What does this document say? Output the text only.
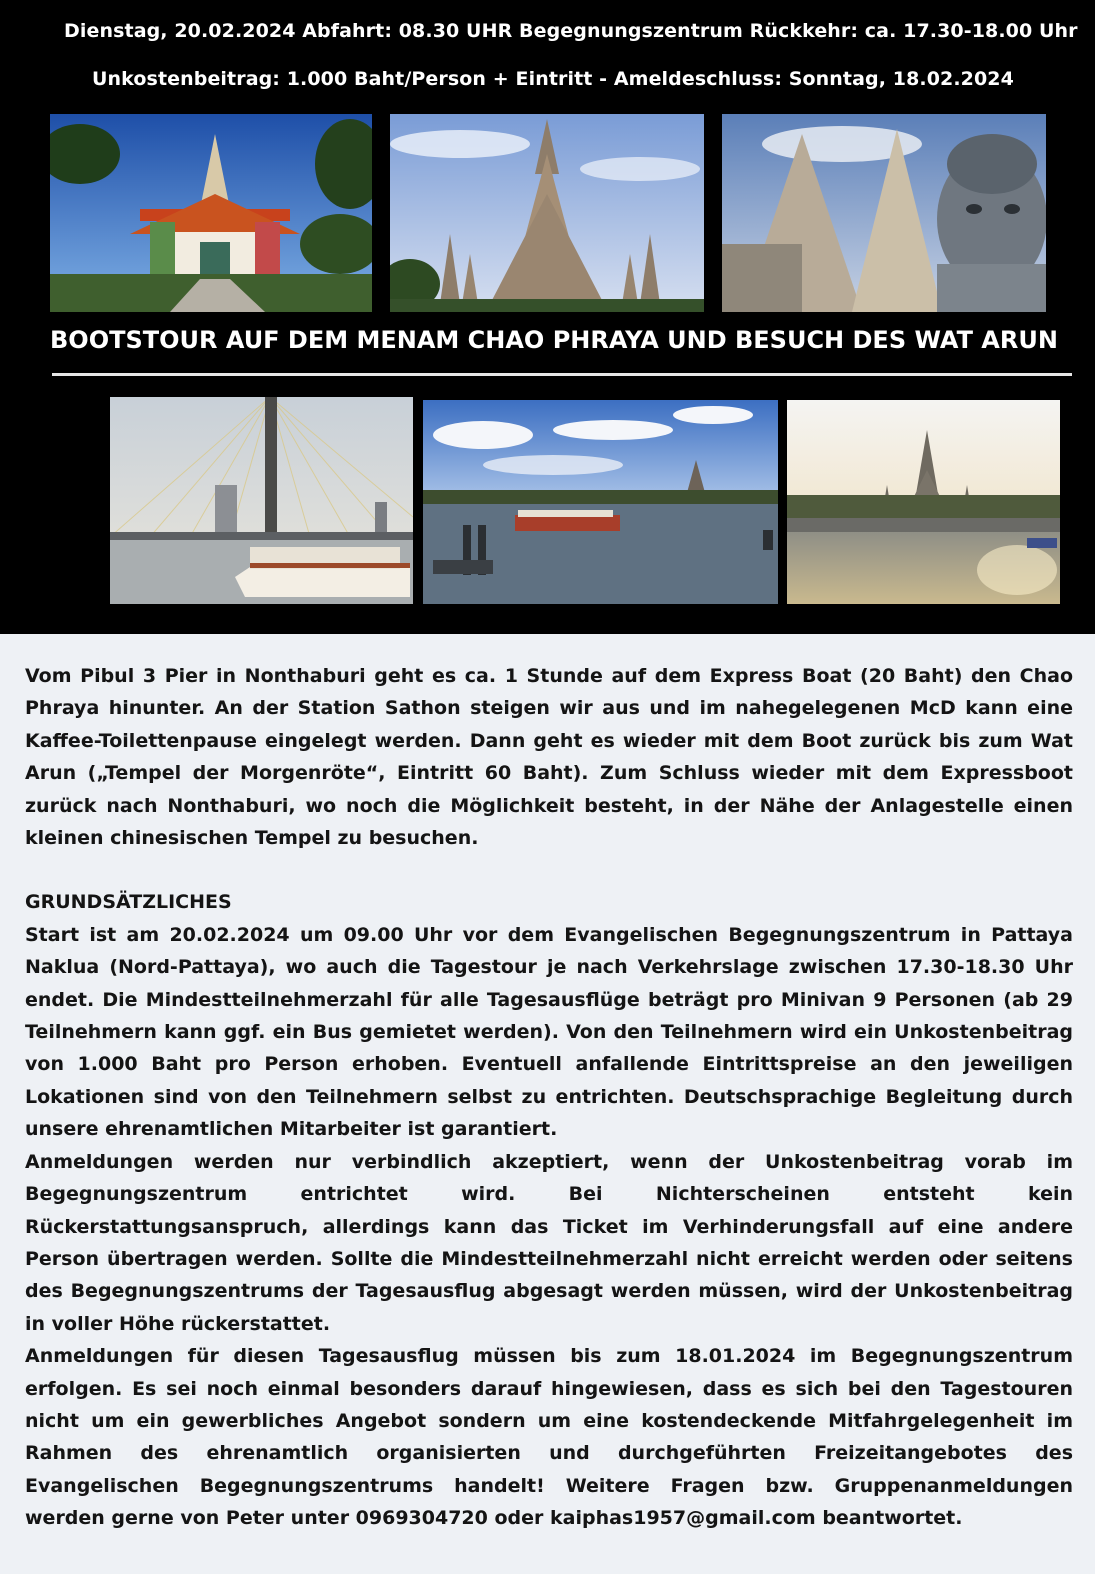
Dienstag, 20.02.2024 Abfahrt: 08.30 UHR Begegnungszentrum Rückkehr: ca. 17.30-18.00 Uhr
Unkostenbeitrag: 1.000 Baht/Person + Eintritt - Ameldeschluss: Sonntag, 18.02.2024
BOOTSTOUR AUF DEM MENAM CHAO PHRAYA UND BESUCH DES WAT ARUN

Vom Pibul 3 Pier in Nonthaburi geht es ca. 1 Stunde auf dem Express Boat (20 Baht) den Chao Phraya hinunter. An der Station Sathon steigen wir aus und im nahegelegenen McD kann eine Kaffee-Toilettenpause eingelegt werden. Dann geht es wieder mit dem Boot zurück bis zum Wat Arun („Tempel der Morgenröte“, Eintritt 60 Baht). Zum Schluss wieder mit dem Expressboot zurück nach Nonthaburi, wo noch die Möglichkeit besteht, in der Nähe der Anlagestelle einen kleinen chinesischen Tempel zu besuchen.

GRUNDSÄTZLICHES

Start ist am 20.02.2024 um 09.00 Uhr vor dem Evangelischen Begegnungszentrum in Pattaya Naklua (Nord-Pattaya), wo auch die Tagestour je nach Verkehrslage zwischen 17.30-18.30 Uhr endet. Die Mindestteilnehmerzahl für alle Tagesausflüge beträgt pro Minivan 9 Personen (ab 29 Teilnehmern kann ggf. ein Bus gemietet werden). Von den Teilnehmern wird ein Unkostenbeitrag von 1.000 Baht pro Person erhoben. Eventuell anfallende Eintrittspreise an den jeweiligen Lokationen sind von den Teilnehmern selbst zu entrichten. Deutschsprachige Begleitung durch unsere ehrenamtlichen Mitarbeiter ist garantiert.

Anmeldungen werden nur verbindlich akzeptiert, wenn der Unkostenbeitrag vorab im Begegnungszentrum entrichtet wird. Bei Nichterscheinen entsteht kein Rückerstattungsanspruch, allerdings kann das Ticket im Verhinderungsfall auf eine andere Person übertragen werden. Sollte die Mindestteilnehmerzahl nicht erreicht werden oder seitens des Begegnungszentrums der Tagesausflug abgesagt werden müssen, wird der Unkostenbeitrag in voller Höhe rückerstattet.

Anmeldungen für diesen Tagesausflug müssen bis zum 18.01.2024 im Begegnungszentrum erfolgen. Es sei noch einmal besonders darauf hingewiesen, dass es sich bei den Tagestouren nicht um ein gewerbliches Angebot sondern um eine kostendeckende Mitfahrgelegenheit im Rahmen des ehrenamtlich organisierten und durchgeführten Freizeitangebotes des Evangelischen Begegnungszentrums handelt! Weitere Fragen bzw. Gruppenanmeldungen werden gerne von Peter unter 0969304720 oder kaiphas1957@gmail.com beantwortet.
